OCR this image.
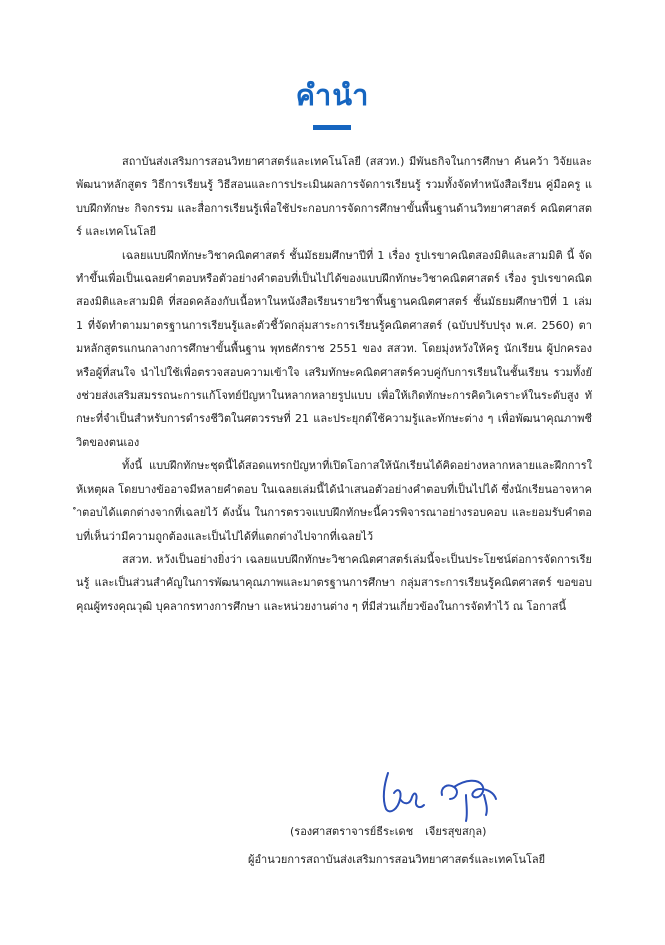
คำนำ

สถาบันส่งเสริมการสอนวิทยาศาสตร์และเทคโนโลยี (สสวท.) มีพันธกิจในการศึกษา ค้นคว้า วิจัยและพัฒนาหลักสูตร วิธีการเรียนรู้ วิธีสอนและการประเมินผลการจัดการเรียนรู้ รวมทั้งจัดทำหนังสือเรียน คู่มือครู แบบฝึกทักษะ กิจกรรม และสื่อการเรียนรู้เพื่อใช้ประกอบการจัดการศึกษาขั้นพื้นฐานด้านวิทยาศาสตร์ คณิตศาสตร์ และเทคโนโลยี

เฉลยแบบฝึกทักษะวิชาคณิตศาสตร์ ชั้นมัธยมศึกษาปีที่ 1 เรื่อง รูปเรขาคณิตสองมิติและสามมิติ นี้ จัดทำขึ้นเพื่อเป็นเฉลยคำตอบหรือตัวอย่างคำตอบที่เป็นไปได้ของแบบฝึกทักษะวิชาคณิตศาสตร์ เรื่อง รูปเรขาคณิตสองมิติและสามมิติ ที่สอดคล้องกับเนื้อหาในหนังสือเรียนรายวิชาพื้นฐานคณิตศาสตร์ ชั้นมัธยมศึกษาปีที่ 1 เล่ม 1 ที่จัดทำตามมาตรฐานการเรียนรู้และตัวชี้วัดกลุ่มสาระการเรียนรู้คณิตศาสตร์ (ฉบับปรับปรุง พ.ศ. 2560) ตามหลักสูตรแกนกลางการศึกษาขั้นพื้นฐาน พุทธศักราช 2551 ของ สสวท. โดยมุ่งหวังให้ครู นักเรียน ผู้ปกครอง หรือผู้ที่สนใจ นำไปใช้เพื่อตรวจสอบความเข้าใจ เสริมทักษะคณิตศาสตร์ควบคู่กับการเรียนในชั้นเรียน รวมทั้งยังช่วยส่งเสริมสมรรถนะการแก้โจทย์ปัญหาในหลากหลายรูปแบบ เพื่อให้เกิดทักษะการคิดวิเคราะห์ในระดับสูง ทักษะที่จำเป็นสำหรับการดำรงชีวิตในศตวรรษที่ 21 และประยุกต์ใช้ความรู้และทักษะต่าง ๆ เพื่อพัฒนาคุณภาพชีวิตของตนเอง

ทั้งนี้ แบบฝึกทักษะชุดนี้ได้สอดแทรกปัญหาที่เปิดโอกาสให้นักเรียนได้คิดอย่างหลากหลายและฝึกการให้เหตุผล โดยบางข้ออาจมีหลายคำตอบ ในเฉลยเล่มนี้ได้นำเสนอตัวอย่างคำตอบที่เป็นไปได้ ซึ่งนักเรียนอาจหาคำตอบได้แตกต่างจากที่เฉลยไว้ ดังนั้น ในการตรวจแบบฝึกทักษะนี้ควรพิจารณาอย่างรอบคอบ และยอมรับคำตอบที่เห็นว่ามีความถูกต้องและเป็นไปได้ที่แตกต่างไปจากที่เฉลยไว้

สสวท. หวังเป็นอย่างยิ่งว่า เฉลยแบบฝึกทักษะวิชาคณิตศาสตร์เล่มนี้จะเป็นประโยชน์ต่อการจัดการเรียนรู้ และเป็นส่วนสำคัญในการพัฒนาคุณภาพและมาตรฐานการศึกษา กลุ่มสาระการเรียนรู้คณิตศาสตร์ ขอขอบคุณผู้ทรงคุณวุฒิ บุคลากรทางการศึกษา และหน่วยงานต่าง ๆ ที่มีส่วนเกี่ยวข้องในการจัดทำไว้ ณ โอกาสนี้

(รองศาสตราจารย์ธีระเดช เจียรสุขสกุล)
ผู้อำนวยการสถาบันส่งเสริมการสอนวิทยาศาสตร์และเทคโนโลยี
